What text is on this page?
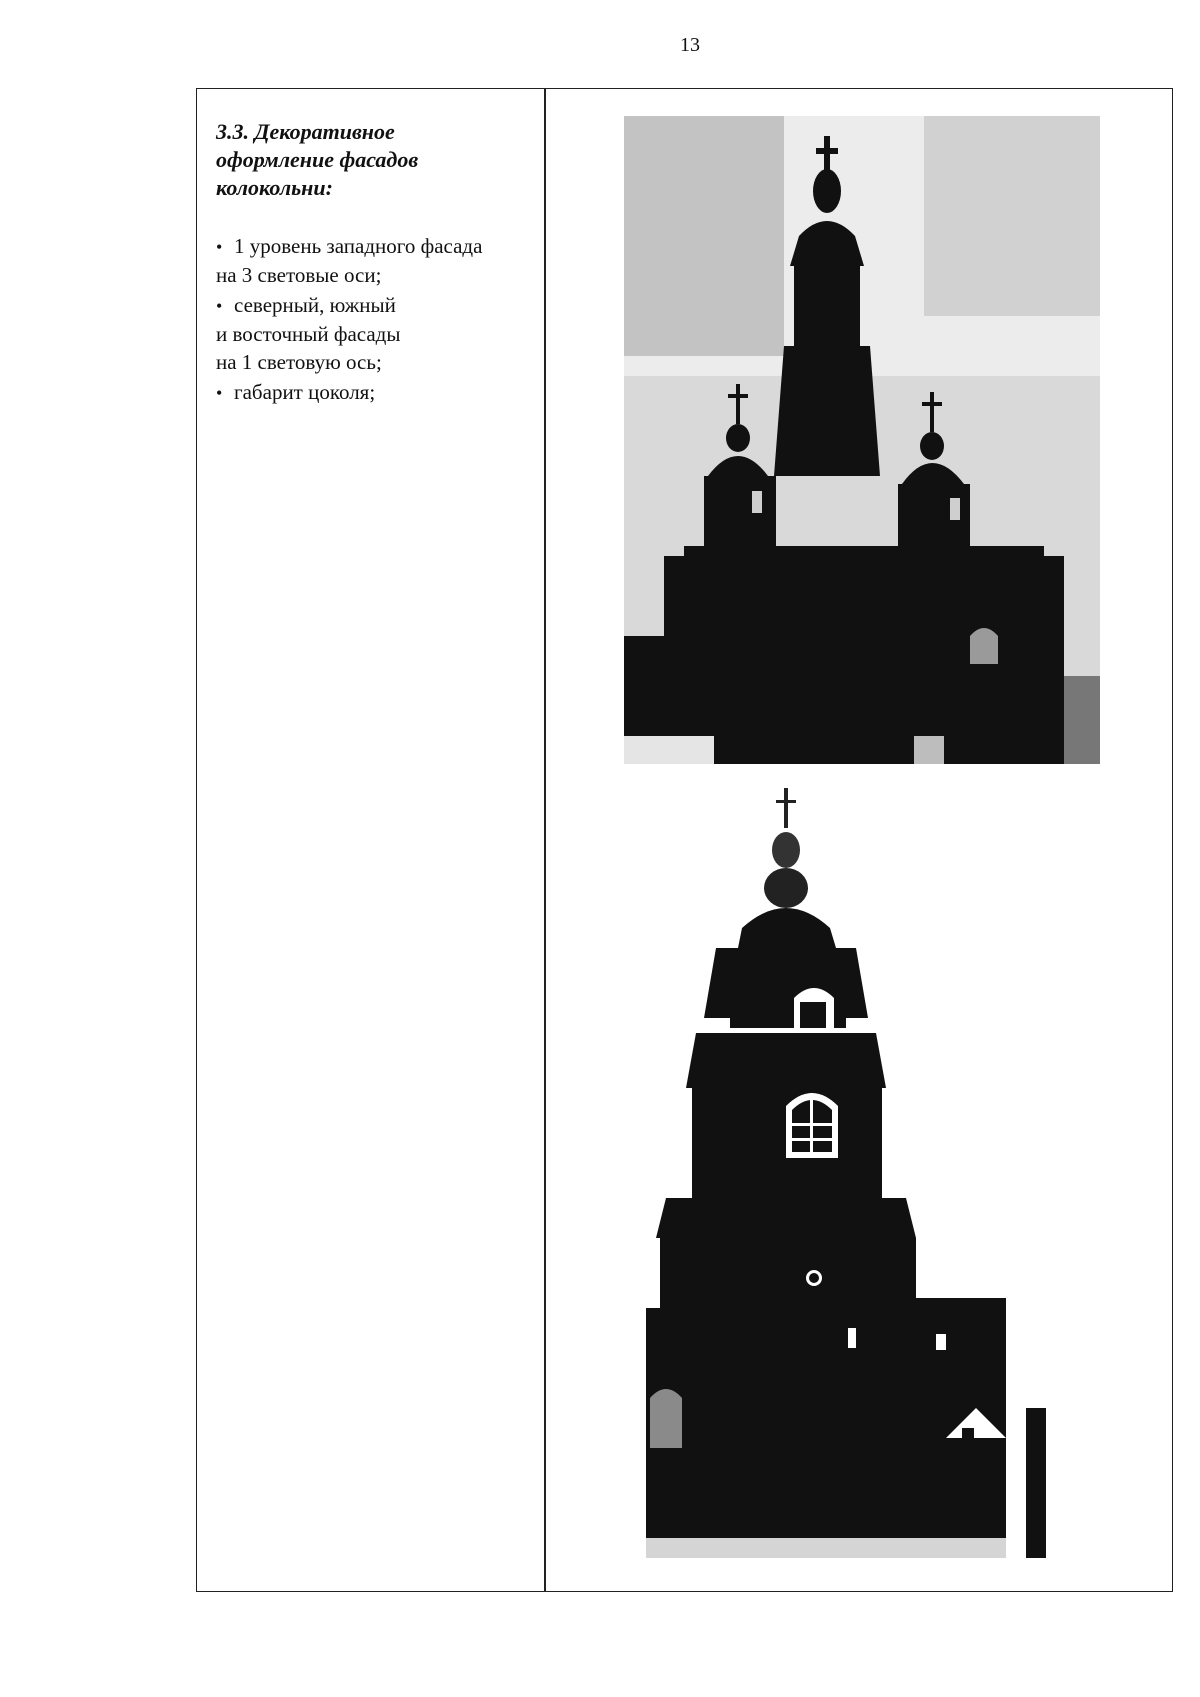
13
3.3. Декоративное
оформление фасадов
колокольни:
• 1 уровень западного фасада
на 3 световые оси;
• северный, южный
и восточный фасады
на 1 световую ось;
• габарит цоколя;
